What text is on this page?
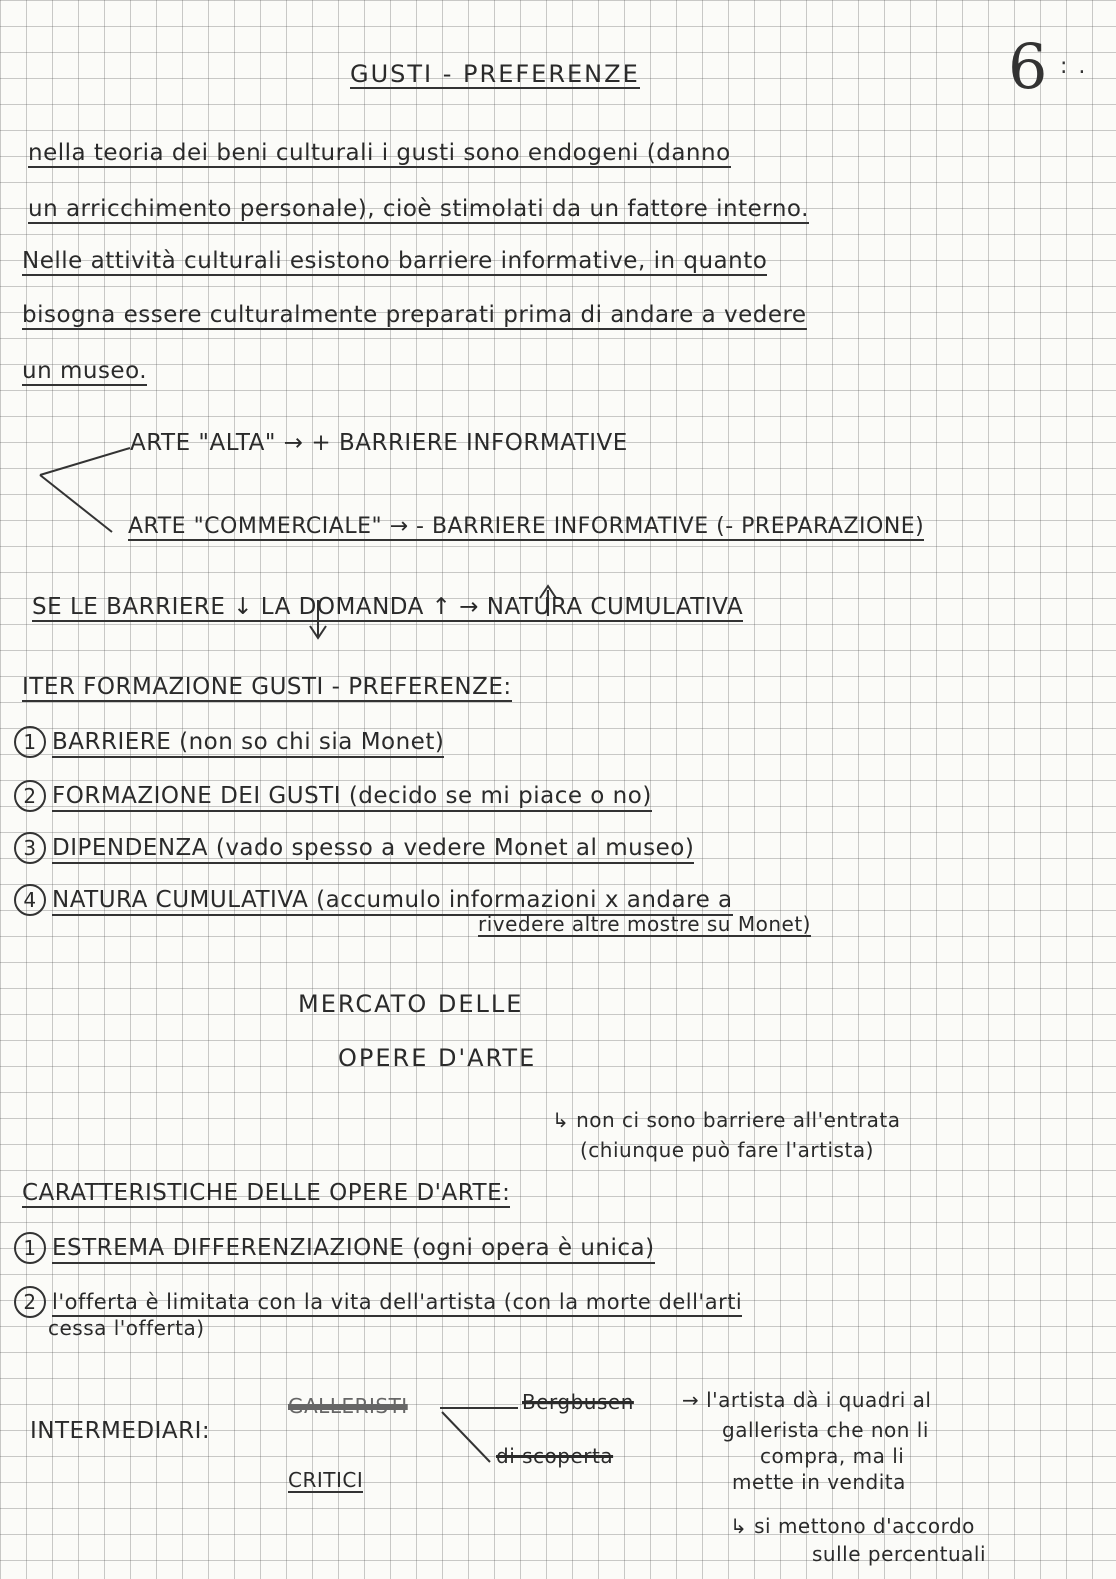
6 : .
GUSTI - PREFERENZE
nella teoria dei beni culturali i gusti sono endogeni (danno
un arricchimento personale), cioè stimolati da un fattore interno.
Nelle attività culturali esistono barriere informative, in quanto
bisogna essere culturalmente preparati prima di andare a vedere
un museo.
ARTE "ALTA" → + BARRIERE INFORMATIVE
ARTE "COMMERCIALE" → - BARRIERE INFORMATIVE (- PREPARAZIONE)
SE LE BARRIERE ↓ LA DOMANDA ↑ → NATURA CUMULATIVA
ITER FORMAZIONE GUSTI - PREFERENZE:
1 BARRIERE (non so chi sia Monet)
2 FORMAZIONE DEI GUSTI (decido se mi piace o no)
3 DIPENDENZA (vado spesso a vedere Monet al museo)
4 NATURA CUMULATIVA (accumulo informazioni x andare a
rivedere altre mostre su Monet)
MERCATO DELLE
OPERE D'ARTE
↳ non ci sono barriere all'entrata
(chiunque può fare l'artista)
CARATTERISTICHE DELLE OPERE D'ARTE:
1 ESTREMA DIFFERENZIAZIONE (ogni opera è unica)
2 l'offerta è limitata con la vita dell'artista (con la morte dell'arti
cessa l'offerta)
INTERMEDIARI:
GALLERISTI	Bergbusen
di scoperta
CRITICI
→ l'artista dà i quadri al
gallerista che non li
compra, ma li
mette in vendita
↳ si mettono d'accordo
sulle percentuali
